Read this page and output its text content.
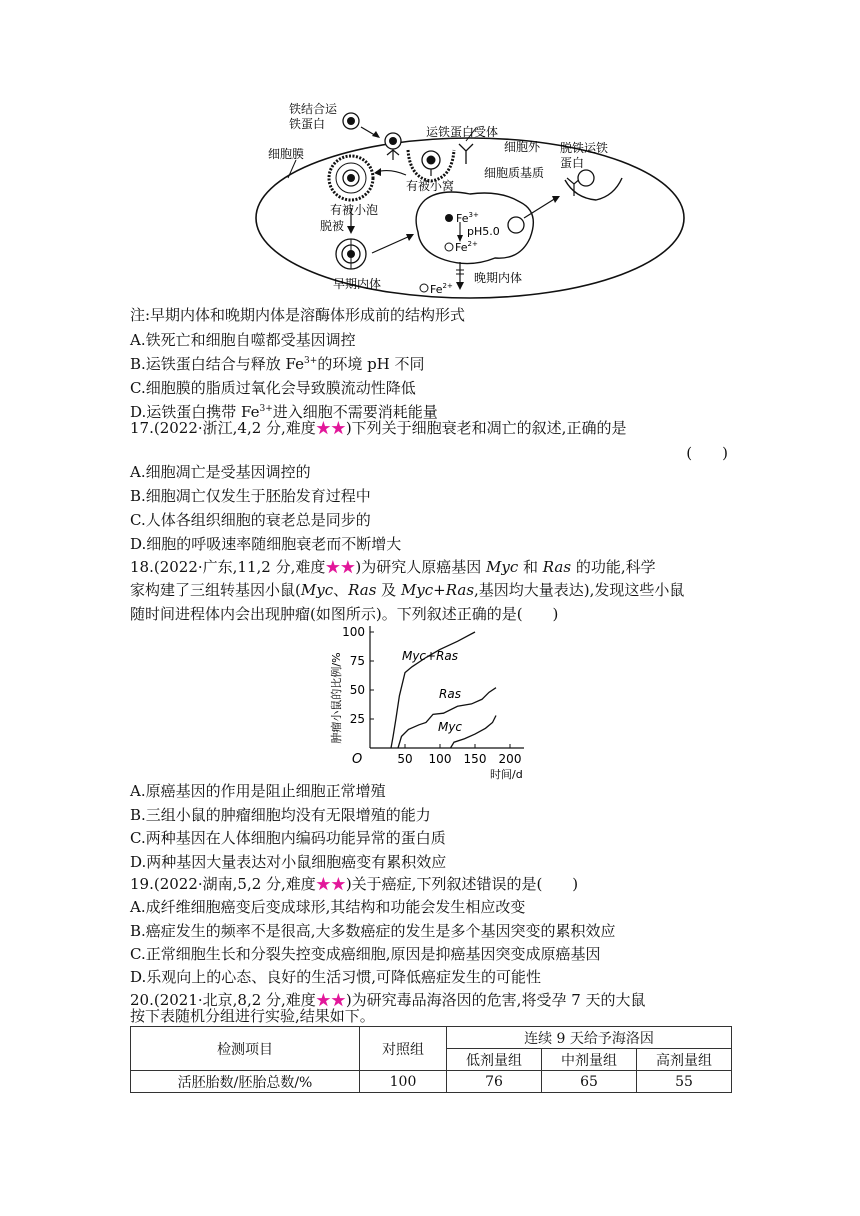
铁结合运
铁蛋白
运铁蛋白受体
细胞外 脱铁运铁
蛋白
细胞膜
有被小窝
细胞质基质
有被小泡
脱被
$Fe^{3+}$
pH5.0
$Fe^{2+}$
晚期内体
$Fe^{2+}$
早期内体
注:早期内体和晚期内体是溶酶体形成前的结构形式
A.铁死亡和细胞自噬都受基因调控
B.运铁蛋白结合与释放 $Fe^{3+}$的环境 pH 不同
C.细胞膜的脂质过氧化会导致膜流动性降低
D.运铁蛋白携带 $Fe^{3+}$进入细胞不需要消耗能量
17.(2022·浙江,4,2 分,难度★★)下列关于细胞衰老和凋亡的叙述,正确的是
(　　)
A.细胞凋亡是受基因调控的
B.细胞凋亡仅发生于胚胎发育过程中
C.人体各组织细胞的衰老总是同步的
D.细胞的呼吸速率随细胞衰老而不断增大
18.(2022·广东,11,2 分,难度★★)为研究人原癌基因 Myc 和 Ras 的功能,科学
家构建了三组转基因小鼠(Myc、Ras 及 Myc+Ras,基因均大量表达),发现这些小鼠
随时间进程体内会出现肿瘤(如图所示)。下列叙述正确的是(　　)
肿瘤小鼠的比例/% 25
50
75
100
50 100 150 200
Myc+Ras
Ras
Myc
O
时间/d
A.原癌基因的作用是阻止细胞正常增殖
B.三组小鼠的肿瘤细胞均没有无限增殖的能力
C.两种基因在人体细胞内编码功能异常的蛋白质
D.两种基因大量表达对小鼠细胞癌变有累积效应
19.(2022·湖南,5,2 分,难度★★)关于癌症,下列叙述错误的是(　　)
A.成纤维细胞癌变后变成球形,其结构和功能会发生相应改变
B.癌症发生的频率不是很高,大多数癌症的发生是多个基因突变的累积效应
C.正常细胞生长和分裂失控变成癌细胞,原因是抑癌基因突变成原癌基因
D.乐观向上的心态、良好的生活习惯,可降低癌症发生的可能性
20.(2021·北京,8,2 分,难度★★)为研究毒品海洛因的危害,将受孕 7 天的大鼠
按下表随机分组进行实验,结果如下。
检测项目	对照组	连续 9 天给予海洛因		
		低剂量组	中剂量组	高剂量组
活胚胎数/胚胎总数/%	100	76	65	55
